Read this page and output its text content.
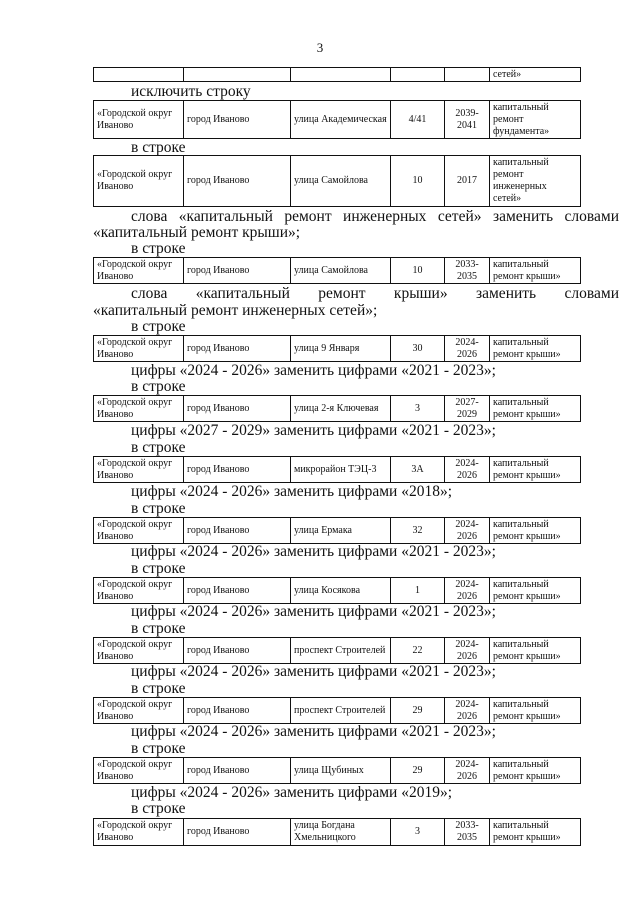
3
					сетей»
исключить строку
«Городской округ Иваново	город Иваново	улица Академическая	4/41	2039-2041	капитальный ремонт фундамента»
в строке
«Городской округ Иваново	город Иваново	улица Самойлова	10	2017	капитальный ремонт инженерных сетей»
слова «капитальный ремонт инженерных сетей» заменить словами
«капитальный ремонт крыши»;
в строке
«Городской округ Иваново	город Иваново	улица Самойлова	10	2033-2035	капитальный ремонт крыши»
слова «капитальный ремонт крыши» заменить словами
«капитальный ремонт инженерных сетей»;
в строке
«Городской округ Иваново	город Иваново	улица 9 Января	30	2024-2026	капитальный ремонт крыши»
цифры «2024 - 2026» заменить цифрами «2021 - 2023»;
в строке
«Городской округ Иваново	город Иваново	улица 2-я Ключевая	3	2027-2029	капитальный ремонт крыши»
цифры «2027 - 2029» заменить цифрами «2021 - 2023»;
в строке
«Городской округ Иваново	город Иваново	микрорайон ТЭЦ-3	3А	2024-2026	капитальный ремонт крыши»
цифры «2024 - 2026» заменить цифрами «2018»;
в строке
«Городской округ Иваново	город Иваново	улица Ермака	32	2024-2026	капитальный ремонт крыши»
цифры «2024 - 2026» заменить цифрами «2021 - 2023»;
в строке
«Городской округ Иваново	город Иваново	улица Косякова	1	2024-2026	капитальный ремонт крыши»
цифры «2024 - 2026» заменить цифрами «2021 - 2023»;
в строке
«Городской округ Иваново	город Иваново	проспект Строителей	22	2024-2026	капитальный ремонт крыши»
цифры «2024 - 2026» заменить цифрами «2021 - 2023»;
в строке
«Городской округ Иваново	город Иваново	проспект Строителей	29	2024-2026	капитальный ремонт крыши»
цифры «2024 - 2026» заменить цифрами «2021 - 2023»;
в строке
«Городской округ Иваново	город Иваново	улица Щубиных	29	2024-2026	капитальный ремонт крыши»
цифры «2024 - 2026» заменить цифрами «2019»;
в строке
«Городской округ Иваново	город Иваново	улица Богдана Хмельницкого	3	2033-2035	капитальный ремонт крыши»
